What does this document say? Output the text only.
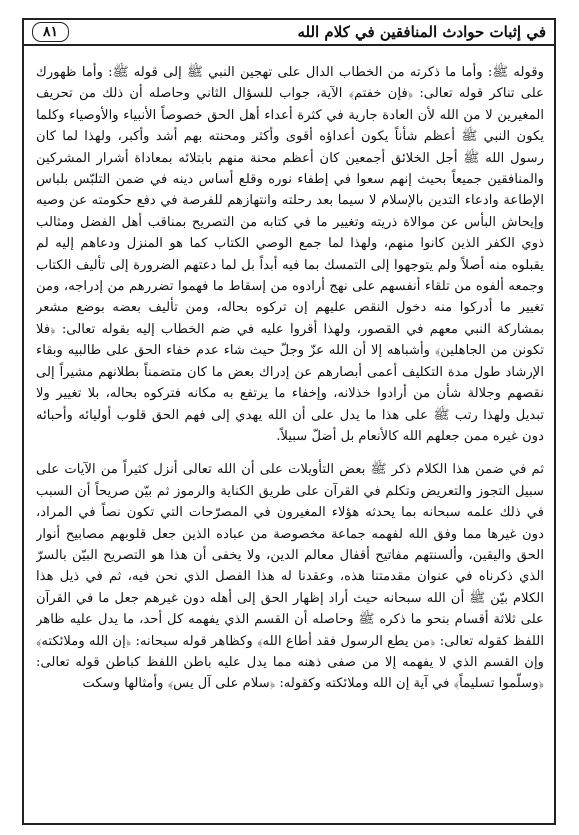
في إثبات حوادث المنافقين في كلام الله
٨١

وقوله ﷺ: وأما ما ذكرته من الخطاب الدال على تهجين النبي ﷺ إلى قوله ﷺ: وأما ظهورك على تناكر قوله تعالى: ﴿فإن خفتم﴾ الآية، جواب للسؤال الثاني وحاصله أن ذلك من تحريف المغيرين لا من الله لأن العادة جارية في كثرة أعداء أهل الحق خصوصاً الأنبياء والأوصياء وكلما يكون النبي ﷺ أعظم شأناً يكون أعداؤه أقوى وأكثر ومحنته بهم أشد وأكبر، ولهذا لما كان رسول الله ﷺ أجل الخلائق أجمعين كان أعظم محنة منهم بابتلائه بمعاداة أشرار المشركين والمنافقين جميعاً بحيث إنهم سعوا في إطفاء نوره وقلع أساس دينه في ضمن التلبّس بلباس الإطاعة وادعاء التدين بالإسلام لا سيما بعد رحلته وانتهازهم للفرصة في دفع حكومته عن وصيه وإيحاش البأس عن موالاة ذريته وتغيير ما في كتابه من التصريح بمناقب أهل الفضل ومثالب ذوي الكفر الذين كانوا منهم، ولهذا لما جمع الوصي الكتاب كما هو المنزل ودعاهم إليه لم يقبلوه منه أصلاً ولم يتوجهوا إلى التمسك بما فيه أبداً بل لما دعتهم الضرورة إلى تأليف الكتاب وجمعه ألفوه من تلقاء أنفسهم على نهج أرادوه من إسقاط ما فهموا تضررهم من إدراجه، ومن تغيير ما أدركوا منه دخول النقص عليهم إن تركوه بحاله، ومن تأليف بعضه بوضع مشعر بمشاركة النبي معهم في القصور، ولهذا أقروا عليه في ضم الخطاب إليه بقوله تعالى: ﴿فلا تكونن من الجاهلين﴾ وأشباهه إلا أن الله عزّ وجلّ حيث شاء عدم خفاء الحق على طالبيه وبقاء الإرشاد طول مدة التكليف أعمى أبصارهم عن إدراك بعض ما كان متضمناً بطلانهم مشيراً إلى نقصهم وجلالة شأن من أرادوا خذلانه، وإخفاء ما يرتفع به مكانه فتركوه بحاله، بلا تغيير ولا تبديل ولهذا رتب ﷺ على هذا ما يدل على أن الله يهدي إلى فهم الحق قلوب أوليائه وأحبائه دون غيره ممن جعلهم الله كالأنعام بل أضلّ سبيلاً.

ثم في ضمن هذا الكلام ذكر ﷺ بعض التأويلات على أن الله تعالى أنزل كثيراً من الآيات على سبيل التجوز والتعريض وتكلم في القرآن على طريق الكناية والرموز ثم بيّن صريحاً أن السبب في ذلك علمه سبحانه بما يحدثه هؤلاء المغيرون في المصرّحات التي تكون نصاً في المراد، دون غيرها مما وفق الله لفهمه جماعة مخصوصة من عباده الذين جعل قلوبهم مصابيح أنوار الحق واليقين، وألسنتهم مفاتيح أقفال معالم الدين، ولا يخفى أن هذا هو التصريح البيّن بالسرّ الذي ذكرناه في عنوان مقدمتنا هذه، وعقدنا له هذا الفصل الذي نحن فيه، ثم في ذيل هذا الكلام بيّن ﷺ أن الله سبحانه حيث أراد إظهار الحق إلى أهله دون غيرهم جعل ما في القرآن على ثلاثة أقسام بنحو ما ذكره ﷺ وحاصله أن القسم الذي يفهمه كل أحد، ما يدل عليه ظاهر اللفظ كقوله تعالى: ﴿من يطع الرسول فقد أطاع الله﴾ وكظاهر قوله سبحانه: ﴿إن الله وملائكته﴾ وإن القسم الذي لا يفهمه إلا من صفى ذهنه مما يدل عليه باطن اللفظ كباطن قوله تعالى: ﴿وسلّموا تسليماً﴾ في آية إن الله وملائكته وكقوله: ﴿سلام على آل يس﴾ وأمثالها وسكت
